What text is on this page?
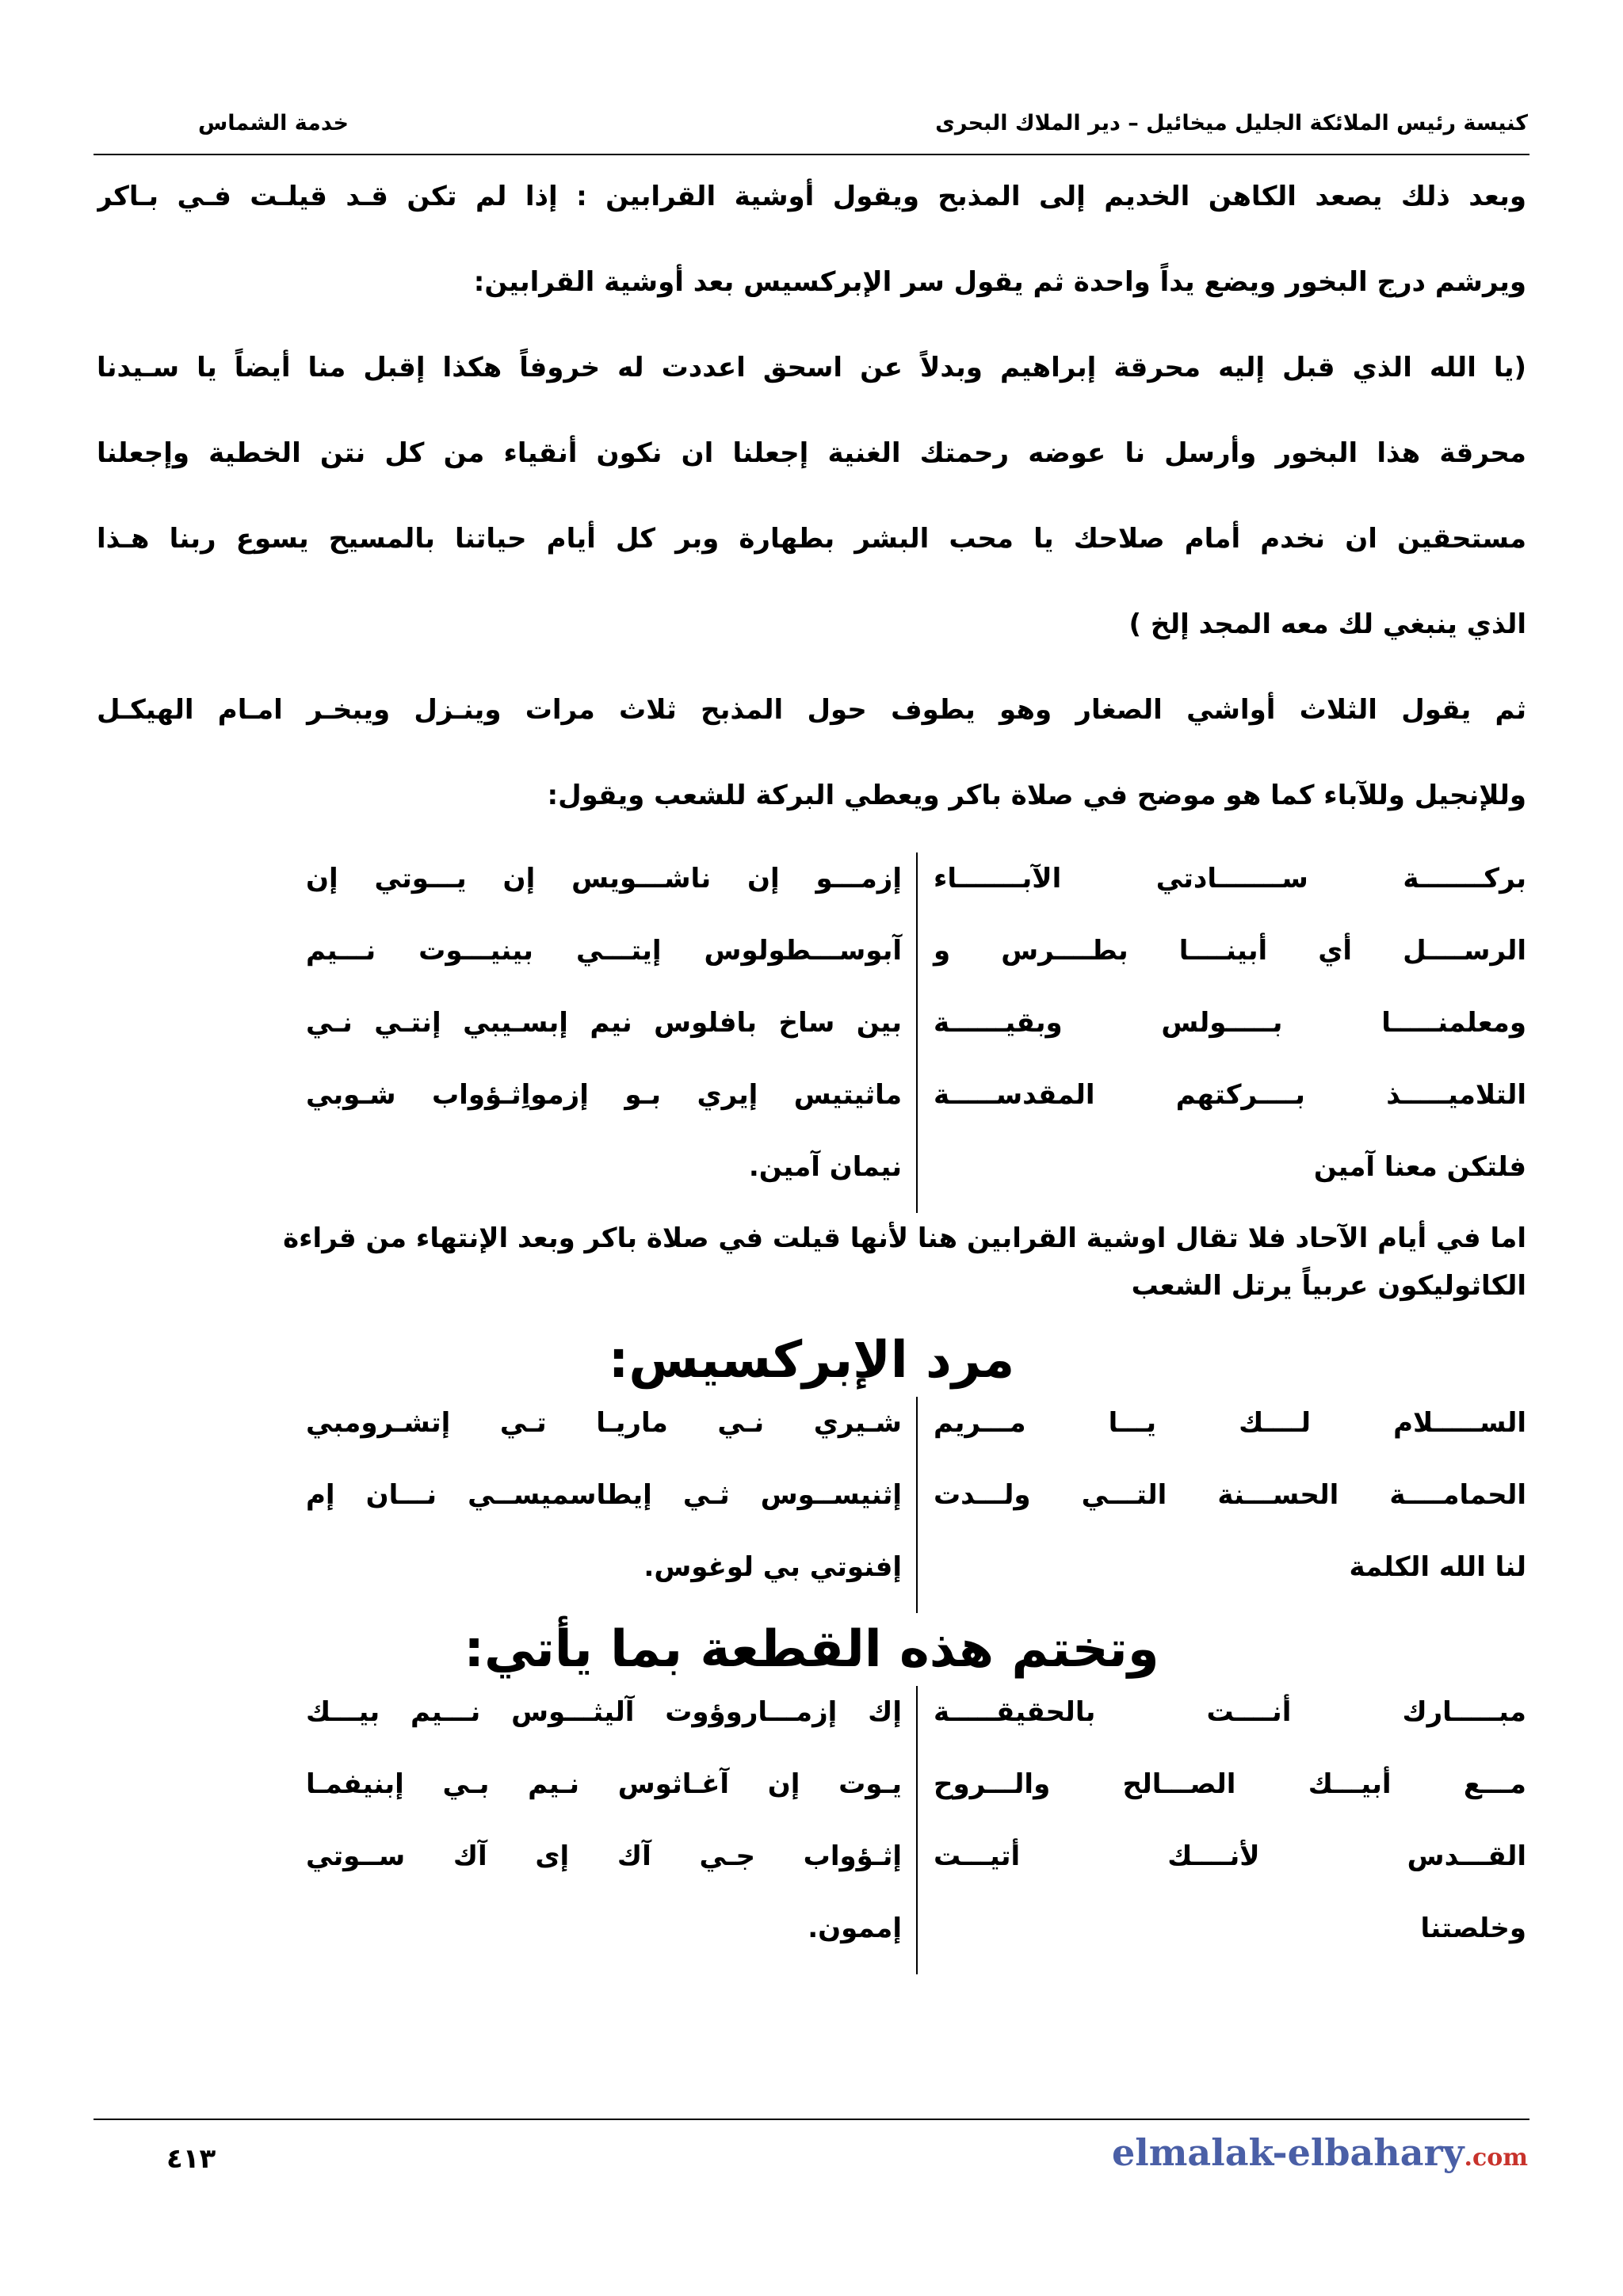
كنيسة رئيس الملائكة الجليل ميخائيل – دير الملاك البحرى
خدمة الشماس
وبعد ذلك يصعد الكاهن الخديم إلى المذبح ويقول أوشية القرابين : إذا لم تكن قـد قيلـت فـي بـاكر
ويرشم درج البخور ويضع يداً واحدة ثم يقول سر الإبركسيس بعد أوشية القرابين:
(يا الله الذي قبل إليه محرقة إبراهيم وبدلاً عن اسحق اعددت له خروفاً هكذا إقبل منا أيضاً يا سـيدنا
محرقة هذا البخور وأرسل نا عوضه رحمتك الغنية إجعلنا ان نكون أنقياء من كل نتن الخطية وإجعلنا
مستحقين ان نخدم أمام صلاحك يا محب البشر بطهارة وبر كل أيام حياتنا بالمسيح يسوع ربنا هـذا
الذي ينبغي لك معه المجد إلخ )
ثم يقول الثلاث أواشي الصغار وهو يطوف حول المذبح ثلاث مرات وينـزل ويبخـر امـام الهيكـل
وللإنجيل وللآباء كما هو موضح في صلاة باكر ويعطي البركة للشعب ويقول:
بركـــــــة ســـــــادتي الآبـــــــاء
إزمـــو إن ناشـــويس إن يـــوتي إن
الرســــل أي أبينــــا بطــــرس و
آبوســـطولوس إيتـــي بينيـــوت نـــيم
ومعلمنـــــا بـــــولس وبقيــــــة
بين ساخ بافلوس نيم إبسـيبي إنتـي نـي
التلاميـــــذ بــــركتهم المقدســـــة
ماثيتيس إيري بـو إزمواِثـؤواب شـوبي
فلتكن معنا آمين
نيمان آمين.
اما في أيام الآحاد فلا تقال اوشية القرابين هنا لأنها قيلت في صلاة باكر وبعد الإنتهاء من قراءة
الكاثوليكون عربياً يرتل الشعب
مرد الإبركسيس:
الســـــلام لــــك يـــا مـــريم
شـيري نـي ماريـا تـي إتشـرومبي
الحمامــــة الحســـنة التـــي ولـــدت
إثنيســوس ثـي إيطاسميســي نـــان إم
لنا الله الكلمة
إفنوتي بي لوغوس.
وتختم هذه القطعة بما يأتي:
مبـــــارك أنــــت بالحقيقـــــة
إك إزمـــاروؤوت آليثـــوس نـــيم بيـــك
مـــع أبيـــك الصـــالح والـــروح
يـوت إن آغـاثوس نـيم بـي إبنيفمـا
القـــدس لأنــــك أتيـــت
إثـؤواب جـي آك إى آك ســوتي
وخلصتنا
إممون.
٤١٣	elmalak-elbahary.com
